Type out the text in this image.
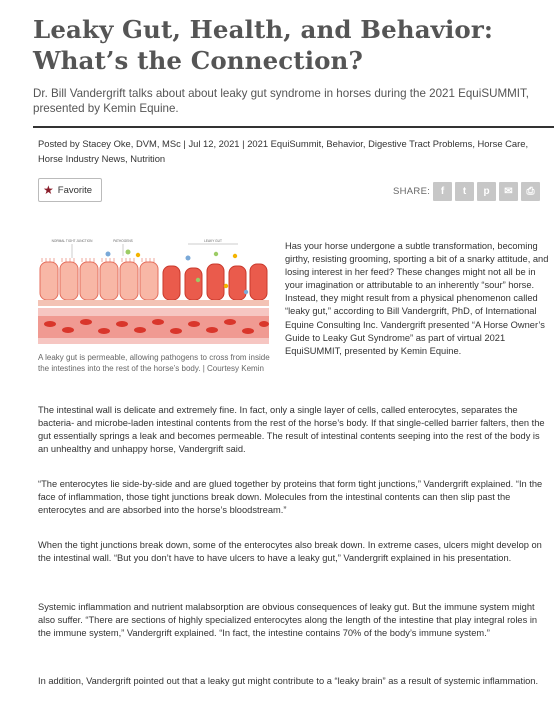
Leaky Gut, Health, and Behavior: What’s the Connection?

Dr. Bill Vandergrift talks about about leaky gut syndrome in horses during the 2021 EquiSUMMIT, presented by Kemin Equine.

Posted by Stacey Oke, DVM, MSc | Jul 12, 2021 | 2021 EquiSummit, Behavior, Digestive Tract Problems, Horse Care, Horse Industry News, Nutrition
★ Favorite	SHARE:	f	t	p	✉	⎙
NORMAL TIGHT JUNCTION	PATHOGENS	LEAKY GUT

A leaky gut is permeable, allowing pathogens to cross from inside the intestines into the rest of the horse’s body. | Courtesy Kemin

Has your horse undergone a subtle transformation, becoming girthy, resisting grooming, sporting a bit of a snarky attitude, and losing interest in her feed? These changes might not all be in your imagination or attributable to an inherently “sour” horse. Instead, they might result from a physical phenomenon called “leaky gut,” according to Bill Vandergrift, PhD, of International Equine Consulting Inc. Vandergrift presented “A Horse Owner’s Guide to Leaky Gut Syndrome” as part of virtual 2021 EquiSUMMIT, presented by Kemin Equine.

The intestinal wall is delicate and extremely fine. In fact, only a single layer of cells, called enterocytes, separates the bacteria- and microbe-laden intestinal contents from the rest of the horse’s body. If that single-celled barrier falters, then the gut essentially springs a leak and becomes permeable. The result of intestinal contents seeping into the rest of the body is an unhealthy and unhappy horse, Vandergrift said.

“The enterocytes lie side-by-side and are glued together by proteins that form tight junctions,” Vandergrift explained. “In the face of inflammation, those tight junctions break down. Molecules from the intestinal contents can then slip past the enterocytes and are absorbed into the horse’s bloodstream.”

When the tight junctions break down, some of the enterocytes also break down. In extreme cases, ulcers might develop on the intestinal wall. “But you don’t have to have ulcers to have a leaky gut,” Vandergrift explained in his presentation.

Systemic inflammation and nutrient malabsorption are obvious consequences of leaky gut. But the immune system might also suffer. “There are sections of highly specialized enterocytes along the length of the intestine that play integral roles in the immune system,” Vandergrift explained. “In fact, the intestine contains 70% of the body’s immune system.”

In addition, Vandergrift pointed out that a leaky gut might contribute to a “leaky brain” as a result of systemic inflammation.
